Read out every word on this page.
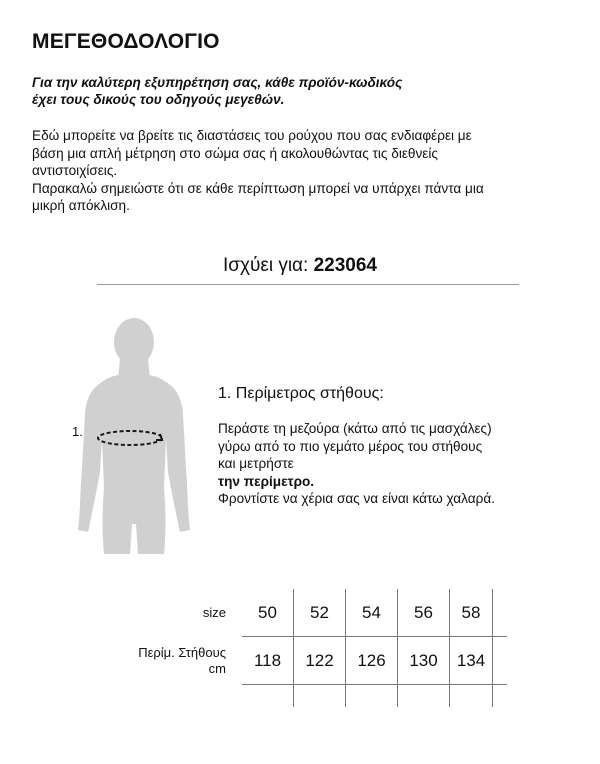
ΜΕΓΕΘΟΔΟΛΟΓΙΟ
Για την καλύτερη εξυπηρέτηση σας, κάθε προϊόν-κωδικός
έχει τους δικούς του οδηγούς μεγεθών.
Εδώ μπορείτε να βρείτε τις διαστάσεις του ρούχου που σας ενδιαφέρει με
βάση μια απλή μέτρηση στο σώμα σας ή ακολουθώντας τις διεθνείς
αντιστοιχίσεις.
Παρακαλώ σημειώστε ότι σε κάθε περίπτωση μπορεί να υπάρχει πάντα μια
μικρή απόκλιση.
Ισχύει για: 223064
1.
1. Περίμετρος στήθους:
Περάστε τη μεζούρα (κάτω από τις μασχάλες)
γύρω από το πιο γεμάτο μέρος του στήθους
και μετρήστε
την περίμετρο.
Φροντίστε να χέρια σας να είναι κάτω χαλαρά.
size	50	52	54	56	58	
Περίμ. Στήθους
cm	118	122	126	130	134	
